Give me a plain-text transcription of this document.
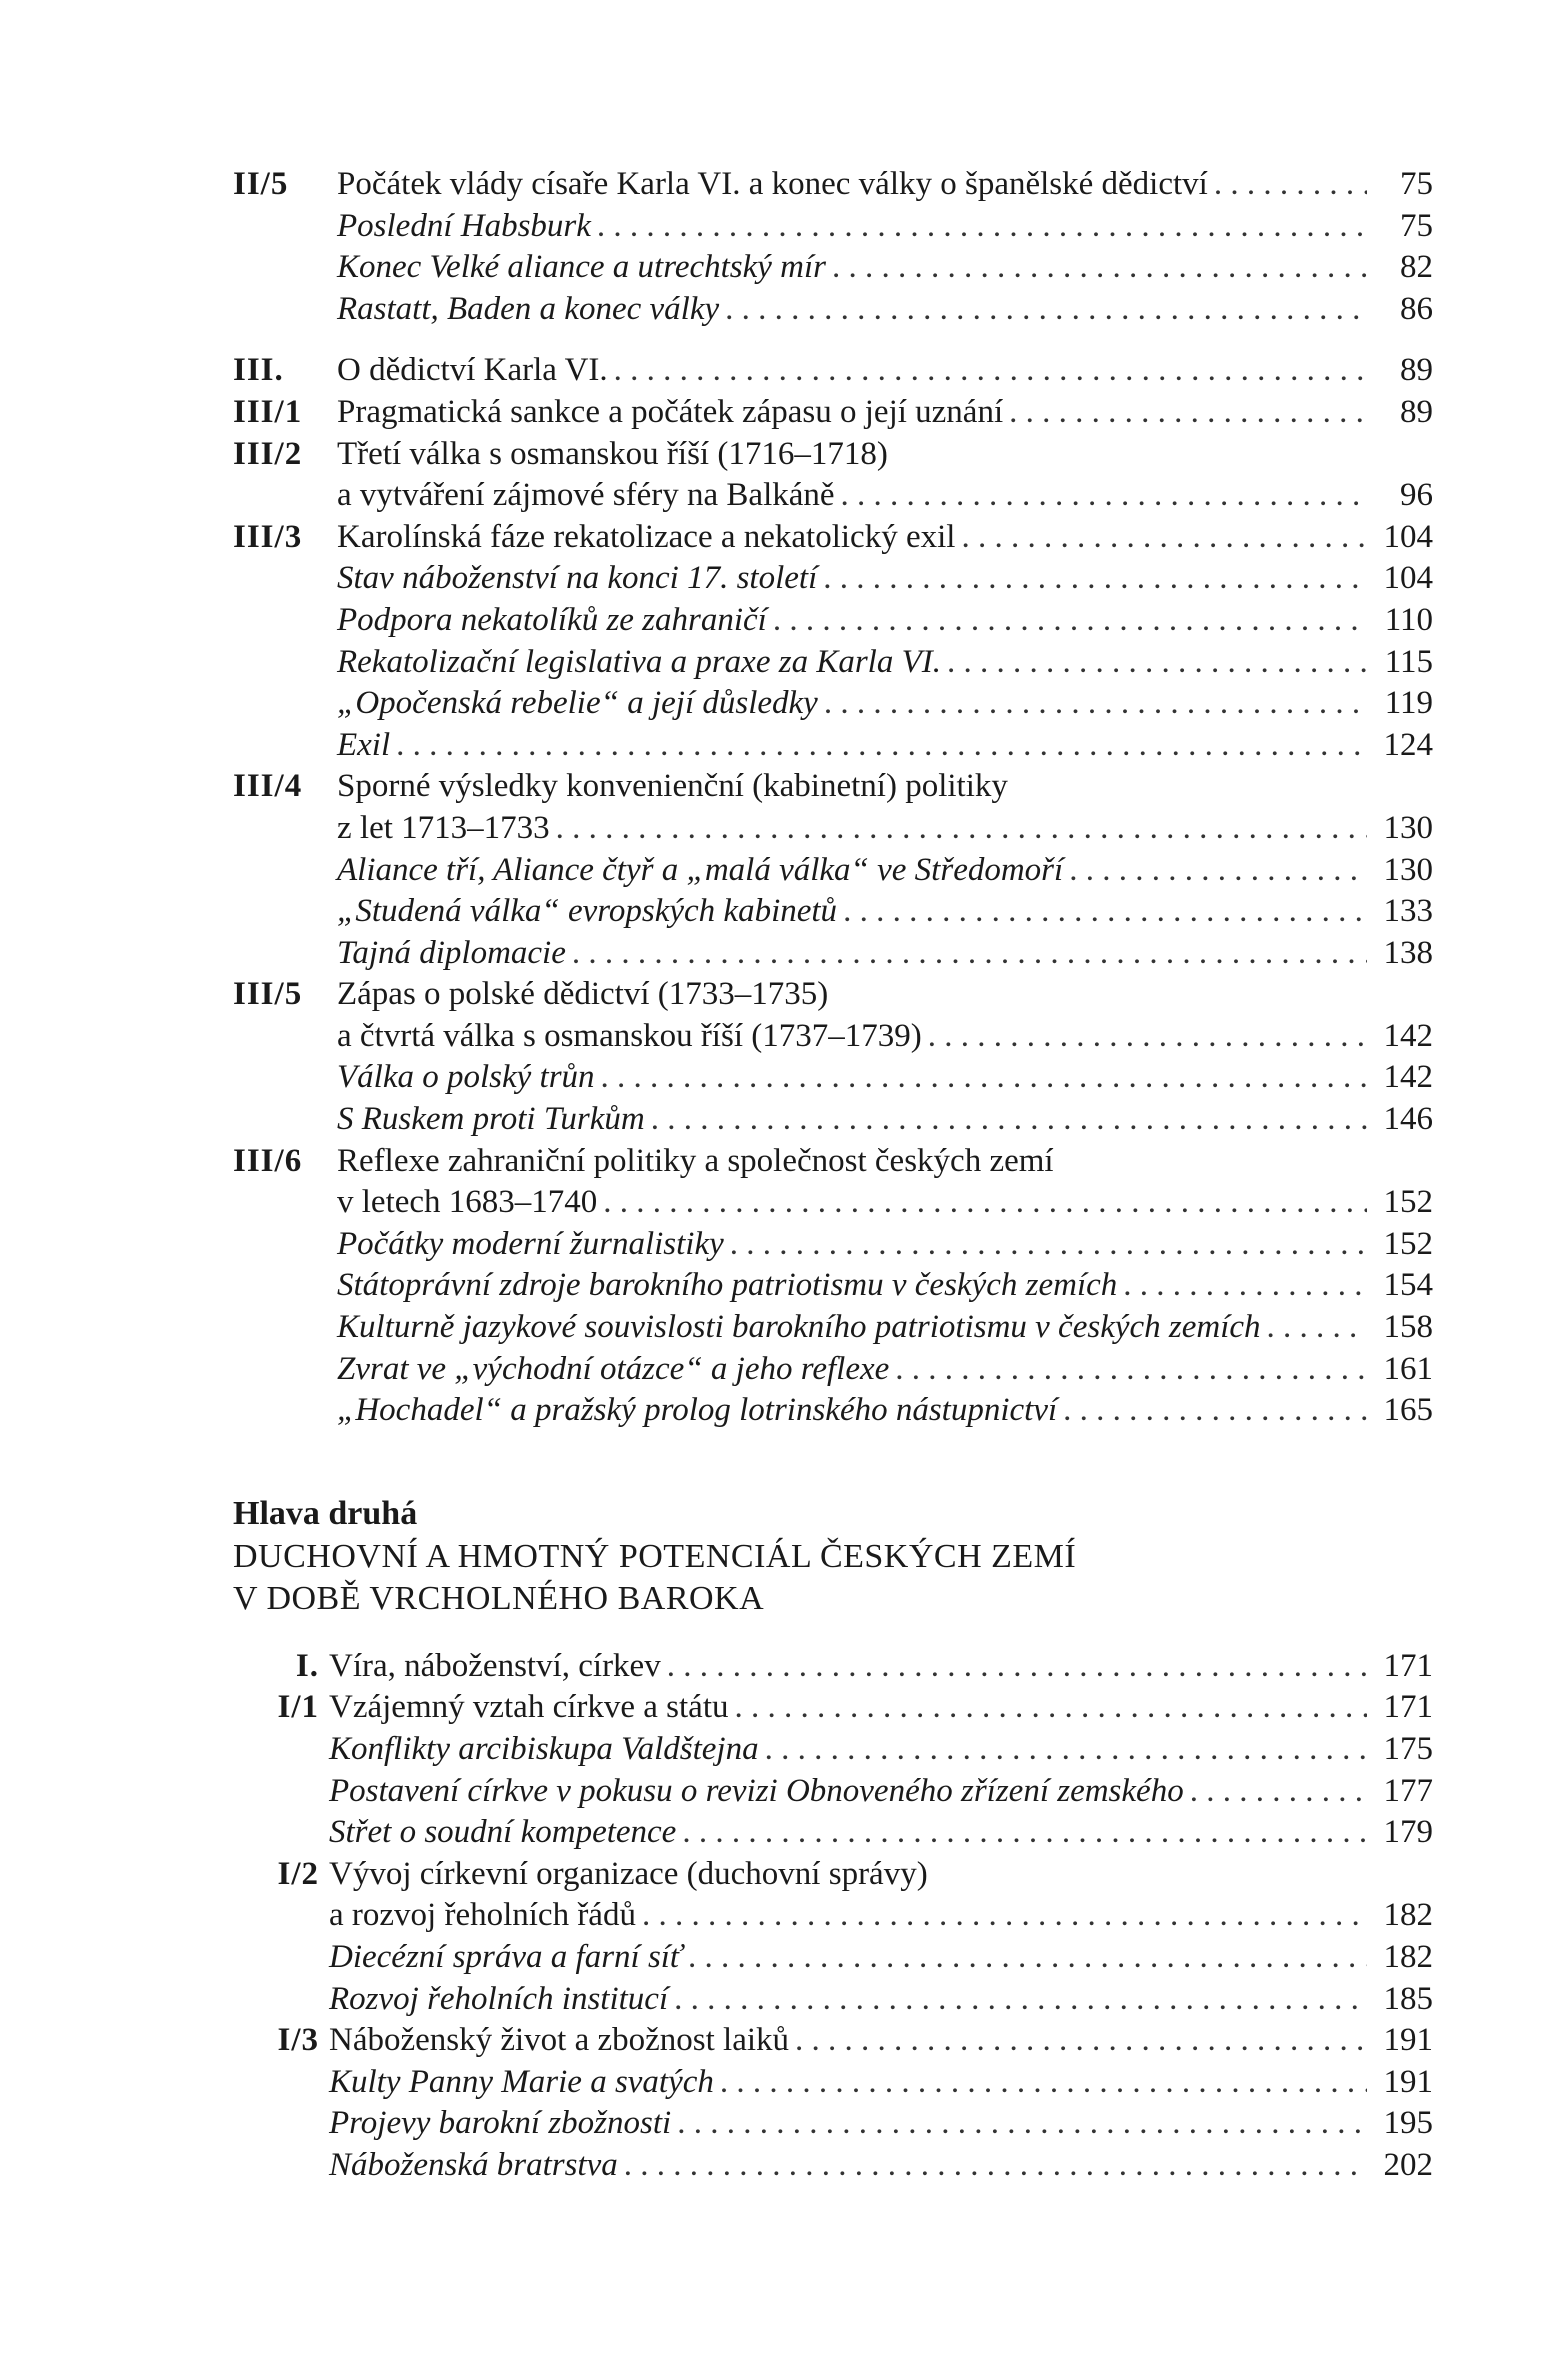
II/5	Počátek vlády císaře Karla VI. a konec války o španělské dědictví . . .	75
Poslední Habsburk . . .	75
Konec Velké aliance a utrechtský mír . . .	82
Rastatt, Baden a konec války . . .	86
III.	O dědictví Karla VI. . . .	89
III/1	Pragmatická sankce a počátek zápasu o její uznání . . .	89
III/2	Třetí válka s osmanskou říší (1716–1718)
a vytváření zájmové sféry na Balkáně . . .	96
III/3	Karolínská fáze rekatolizace a nekatolický exil . . .	104
Stav náboženství na konci 17. století . . .	104
Podpora nekatolíků ze zahraničí . . .	110
Rekatolizační legislativa a praxe za Karla VI. . . .	115
„Opočenská rebelie“ a její důsledky . . .	119
Exil . . .	124
III/4	Sporné výsledky konvenienční (kabinetní) politiky
z let 1713–1733 . . .	130
Aliance tří, Aliance čtyř a „malá válka“ ve Středomoří . . .	130
„Studená válka“ evropských kabinetů . . .	133
Tajná diplomacie . . .	138
III/5	Zápas o polské dědictví (1733–1735)
a čtvrtá válka s osmanskou říší (1737–1739) . . .	142
Válka o polský trůn . . .	142
S Ruskem proti Turkům . . .	146
III/6	Reflexe zahraniční politiky a společnost českých zemí
v letech 1683–1740 . . .	152
Počátky moderní žurnalistiky . . .	152
Státoprávní zdroje barokního patriotismu v českých zemích . . .	154
Kulturně jazykové souvislosti barokního patriotismu v českých zemích . . .	158
Zvrat ve „východní otázce“ a jeho reflexe . . .	161
„Hochadel“ a pražský prolog lotrinského nástupnictví . . .	165
Hlava druhá
DUCHOVNÍ A HMOTNÝ POTENCIÁL ČESKÝCH ZEMÍ
V DOBĚ VRCHOLNÉHO BAROKA
I. Víra, náboženství, církev . . .	171
I/1 Vzájemný vztah církve a státu . . .	171
Konflikty arcibiskupa Valdštejna . . .	175
Postavení církve v pokusu o revizi Obnoveného zřízení zemského . . .	177
Střet o soudní kompetence . . .	179
I/2 Vývoj církevní organizace (duchovní správy)
a rozvoj řeholních řádů . . .	182
Diecézní správa a farní síť . . .	182
Rozvoj řeholních institucí . . .	185
I/3 Náboženský život a zbožnost laiků . . .	191
Kulty Panny Marie a svatých . . .	191
Projevy barokní zbožnosti . . .	195
Náboženská bratrstva . . .	202
